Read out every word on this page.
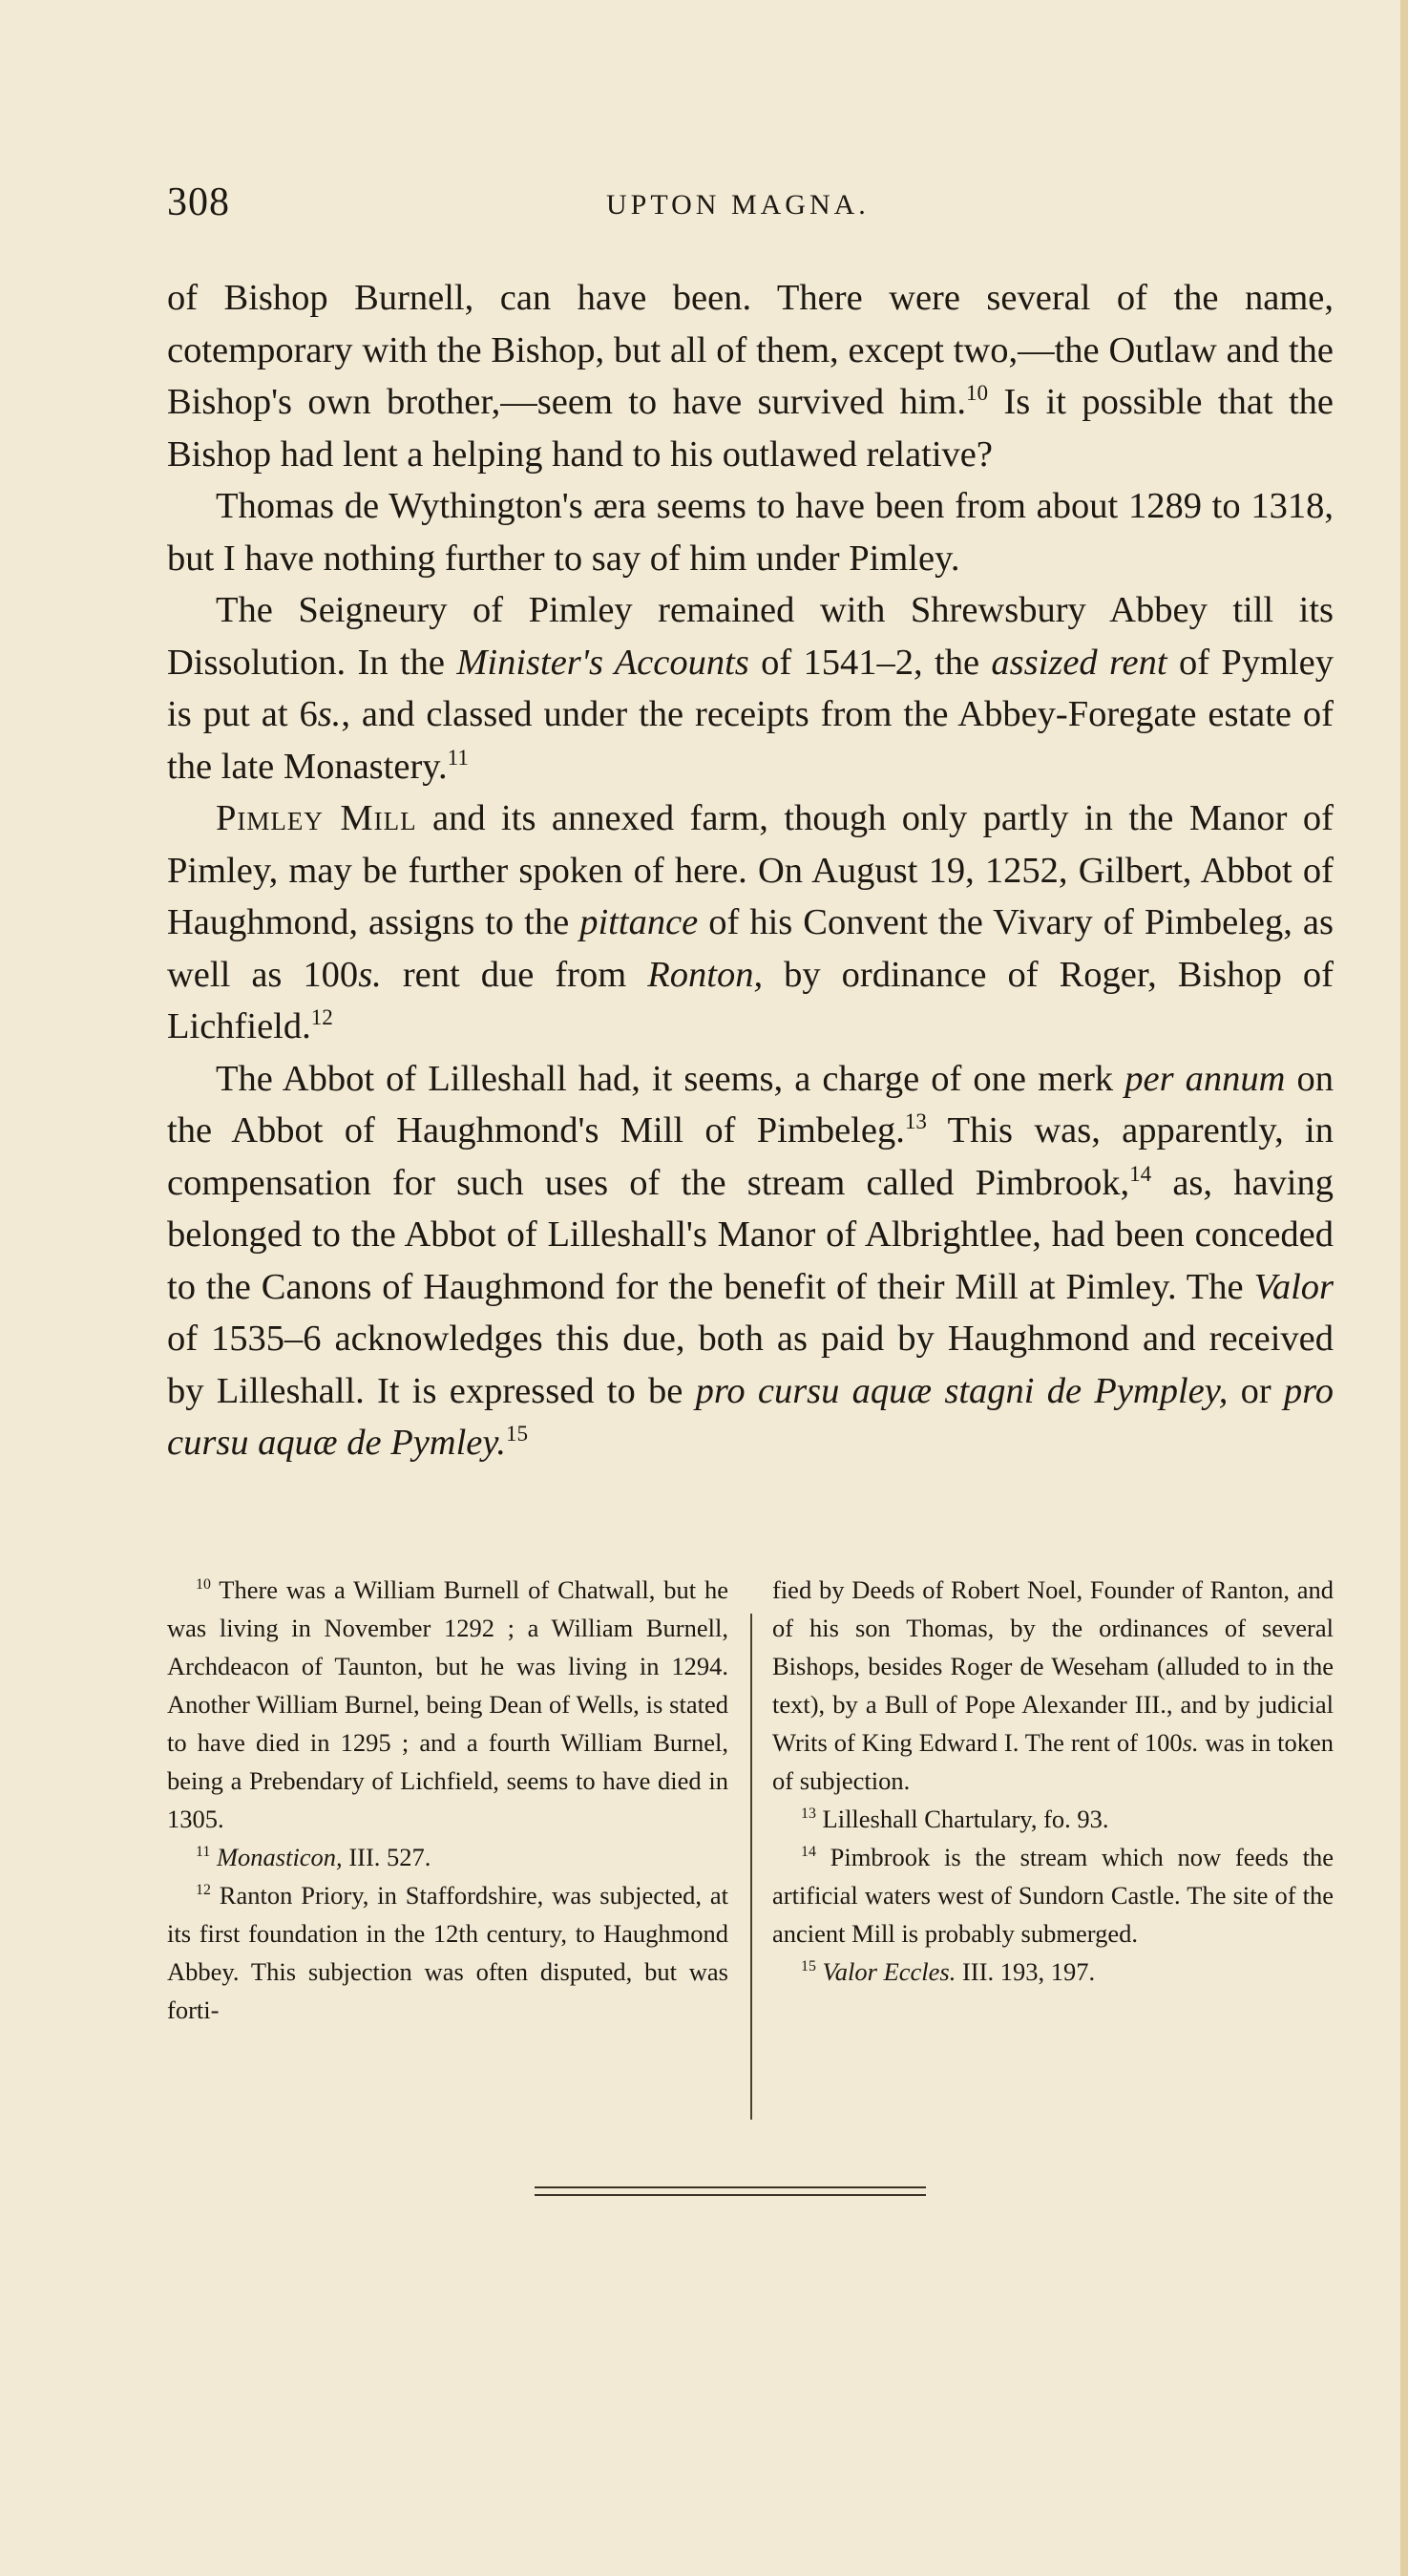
308	UPTON MAGNA.

of Bishop Burnell, can have been. There were several of the name, cotemporary with the Bishop, but all of them, except two,—the Outlaw and the Bishop's own brother,—seem to have survived him.$^{10}$ Is it possible that the Bishop had lent a helping hand to his outlawed relative?

Thomas de Wythington's æra seems to have been from about 1289 to 1318, but I have nothing further to say of him under Pimley.

The Seigneury of Pimley remained with Shrewsbury Abbey till its Dissolution. In the Minister's Accounts of 1541–2, the assized rent of Pymley is put at 6s., and classed under the receipts from the Abbey-Foregate estate of the late Monastery.$^{11}$

Pimley Mill and its annexed farm, though only partly in the Manor of Pimley, may be further spoken of here. On August 19, 1252, Gilbert, Abbot of Haughmond, assigns to the pittance of his Convent the Vivary of Pimbeleg, as well as 100s. rent due from Ronton, by ordinance of Roger, Bishop of Lichfield.$^{12}$

The Abbot of Lilleshall had, it seems, a charge of one merk per annum on the Abbot of Haughmond's Mill of Pimbeleg.$^{13}$ This was, apparently, in compensation for such uses of the stream called Pimbrook,$^{14}$ as, having belonged to the Abbot of Lilleshall's Manor of Albrightlee, had been conceded to the Canons of Haughmond for the benefit of their Mill at Pimley. The Valor of 1535–6 acknowledges this due, both as paid by Haughmond and received by Lilleshall. It is expressed to be pro cursu aquæ stagni de Pympley, or pro cursu aquæ de Pymley.$^{15}$

$^{10}$ There was a William Burnell of Chatwall, but he was living in November 1292 ; a William Burnell, Archdeacon of Taunton, but he was living in 1294. Another William Burnel, being Dean of Wells, is stated to have died in 1295 ; and a fourth William Burnel, being a Prebendary of Lichfield, seems to have died in 1305.

$^{11}$ Monasticon, III. 527.

$^{12}$ Ranton Priory, in Staffordshire, was subjected, at its first foundation in the 12th century, to Haughmond Abbey. This subjection was often disputed, but was forti-

fied by Deeds of Robert Noel, Founder of Ranton, and of his son Thomas, by the ordinances of several Bishops, besides Roger de Weseham (alluded to in the text), by a Bull of Pope Alexander III., and by judicial Writs of King Edward I. The rent of 100s. was in token of subjection.

$^{13}$ Lilleshall Chartulary, fo. 93.

$^{14}$ Pimbrook is the stream which now feeds the artificial waters west of Sundorn Castle. The site of the ancient Mill is probably submerged.

$^{15}$ Valor Eccles. III. 193, 197.
